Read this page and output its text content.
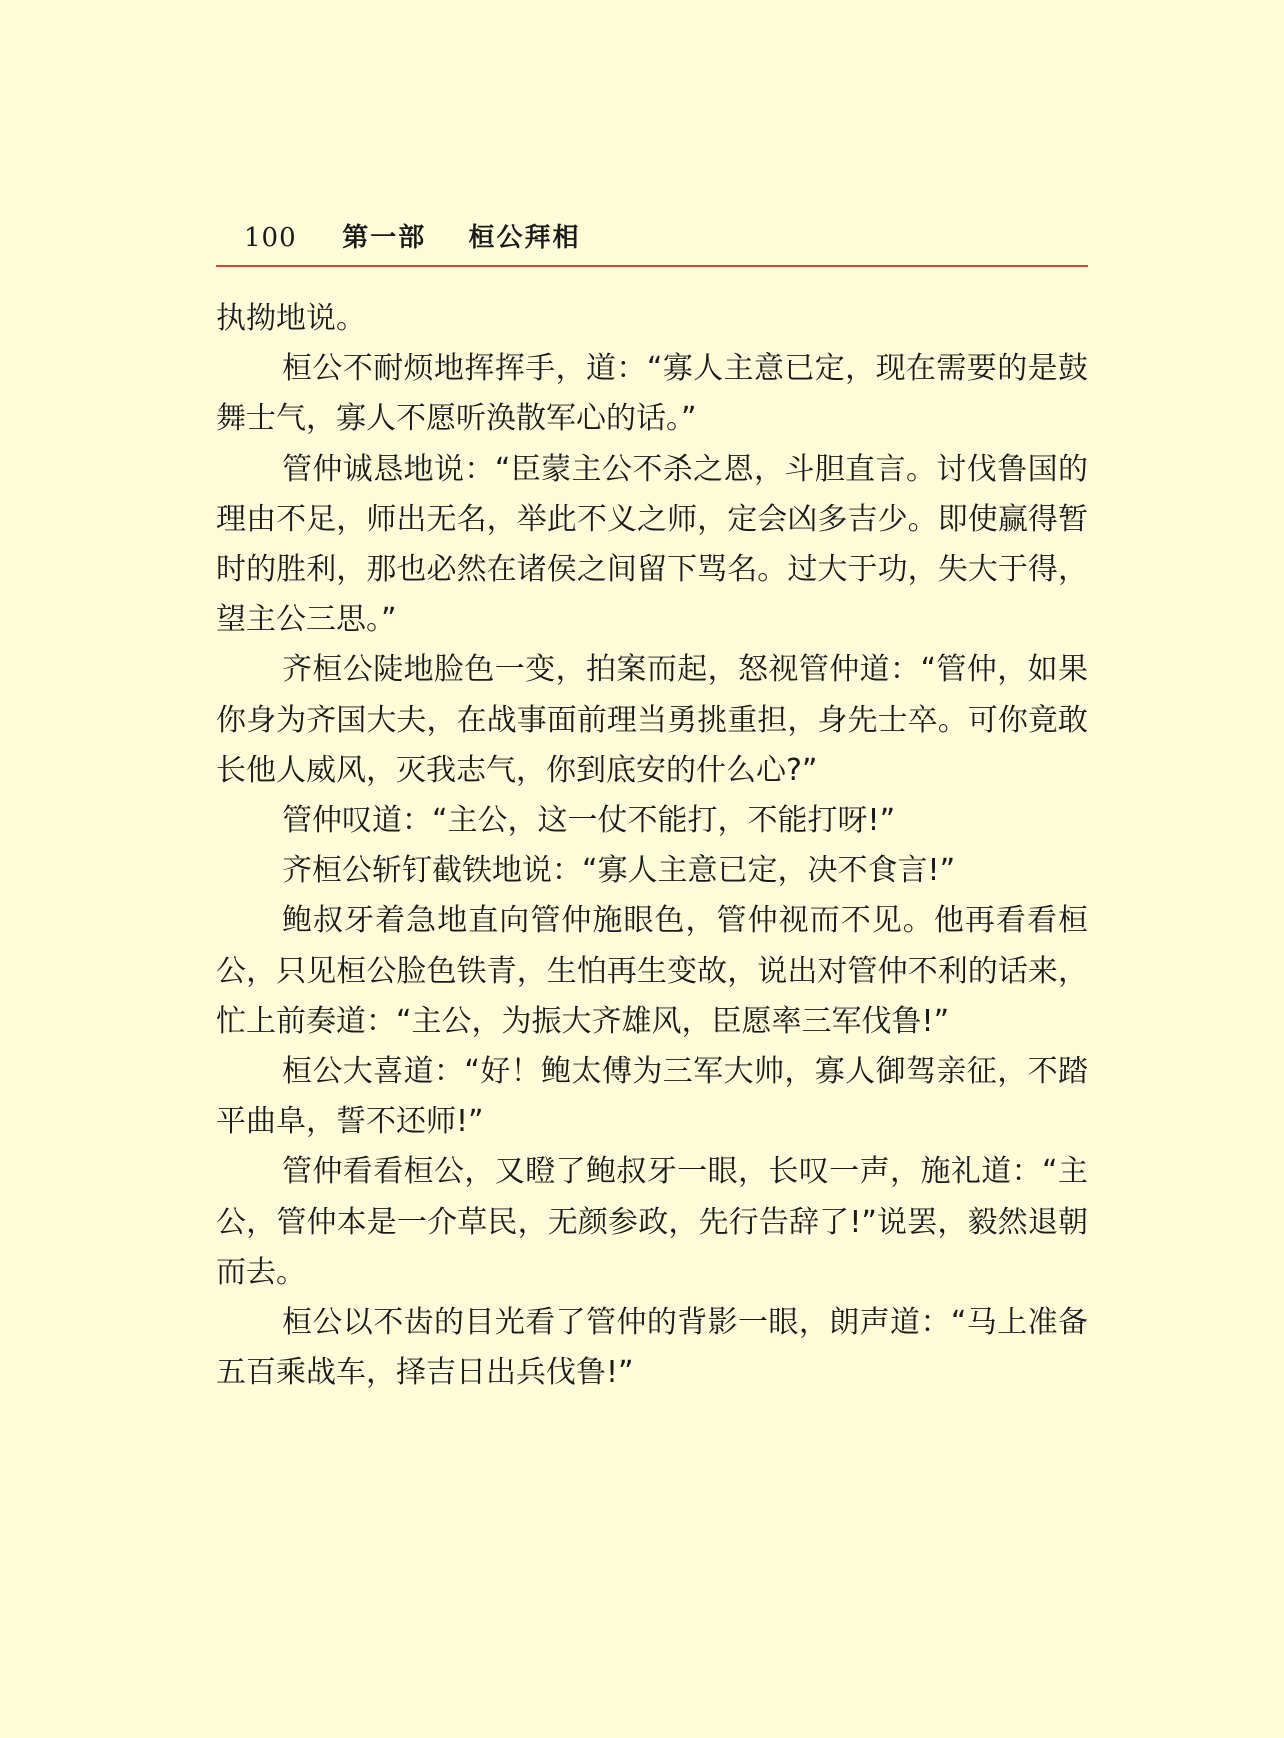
100 第一部 桓公拜相

执拗地说。

桓公不耐烦地挥挥手，道：“寡人主意已定，现在需要的是鼓舞士气，寡人不愿听涣散军心的话。”

管仲诚恳地说：“臣蒙主公不杀之恩，斗胆直言。讨伐鲁国的理由不足，师出无名，举此不义之师，定会凶多吉少。即使赢得暂时的胜利，那也必然在诸侯之间留下骂名。过大于功，失大于得，望主公三思。”

齐桓公陡地脸色一变，拍案而起，怒视管仲道：“管仲，如果你身为齐国大夫，在战事面前理当勇挑重担，身先士卒。可你竟敢长他人威风，灭我志气，你到底安的什么心?”

管仲叹道：“主公，这一仗不能打，不能打呀!”

齐桓公斩钉截铁地说：“寡人主意已定，决不食言!”

鲍叔牙着急地直向管仲施眼色，管仲视而不见。他再看看桓公，只见桓公脸色铁青，生怕再生变故，说出对管仲不利的话来，忙上前奏道：“主公，为振大齐雄风，臣愿率三军伐鲁!”

桓公大喜道：“好！鲍太傅为三军大帅，寡人御驾亲征，不踏平曲阜，誓不还师!”

管仲看看桓公，又瞪了鲍叔牙一眼，长叹一声，施礼道：“主公，管仲本是一介草民，无颜参政，先行告辞了!”说罢，毅然退朝而去。

桓公以不齿的目光看了管仲的背影一眼，朗声道：“马上准备五百乘战车，择吉日出兵伐鲁!”
